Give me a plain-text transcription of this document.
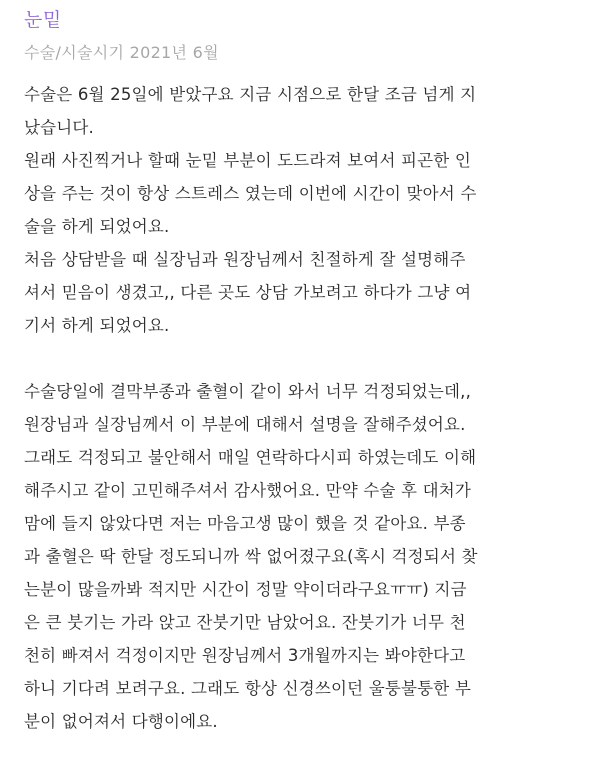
눈밑
수술/시술시기 2021년 6월
수술은 6월 25일에 받았구요 지금 시점으로 한달 조금 넘게 지
났습니다.
원래 사진찍거나 할때 눈밑 부분이 도드라져 보여서 피곤한 인
상을 주는 것이 항상 스트레스 였는데 이번에 시간이 맞아서 수
술을 하게 되었어요.
처음 상담받을 때 실장님과 원장님께서 친절하게 잘 설명해주
셔서 믿음이 생겼고,, 다른 곳도 상담 가보려고 하다가 그냥 여
기서 하게 되었어요.
수술당일에 결막부종과 출혈이 같이 와서 너무 걱정되었는데,,
원장님과 실장님께서 이 부분에 대해서 설명을 잘해주셨어요.
그래도 걱정되고 불안해서 매일 연락하다시피 하였는데도 이해
해주시고 같이 고민해주셔서 감사했어요. 만약 수술 후 대처가
맘에 들지 않았다면 저는 마음고생 많이 했을 것 같아요. 부종
과 출혈은 딱 한달 정도되니까 싹 없어졌구요(혹시 걱정되서 찾
는분이 많을까봐 적지만 시간이 정말 약이더라구요ㅠㅠ) 지금
은 큰 붓기는 가라 앉고 잔붓기만 남았어요. 잔붓기가 너무 천
천히 빠져서 걱정이지만 원장님께서 3개월까지는 봐야한다고
하니 기다려 보려구요. 그래도 항상 신경쓰이던 울퉁불퉁한 부
분이 없어져서 다행이에요.
